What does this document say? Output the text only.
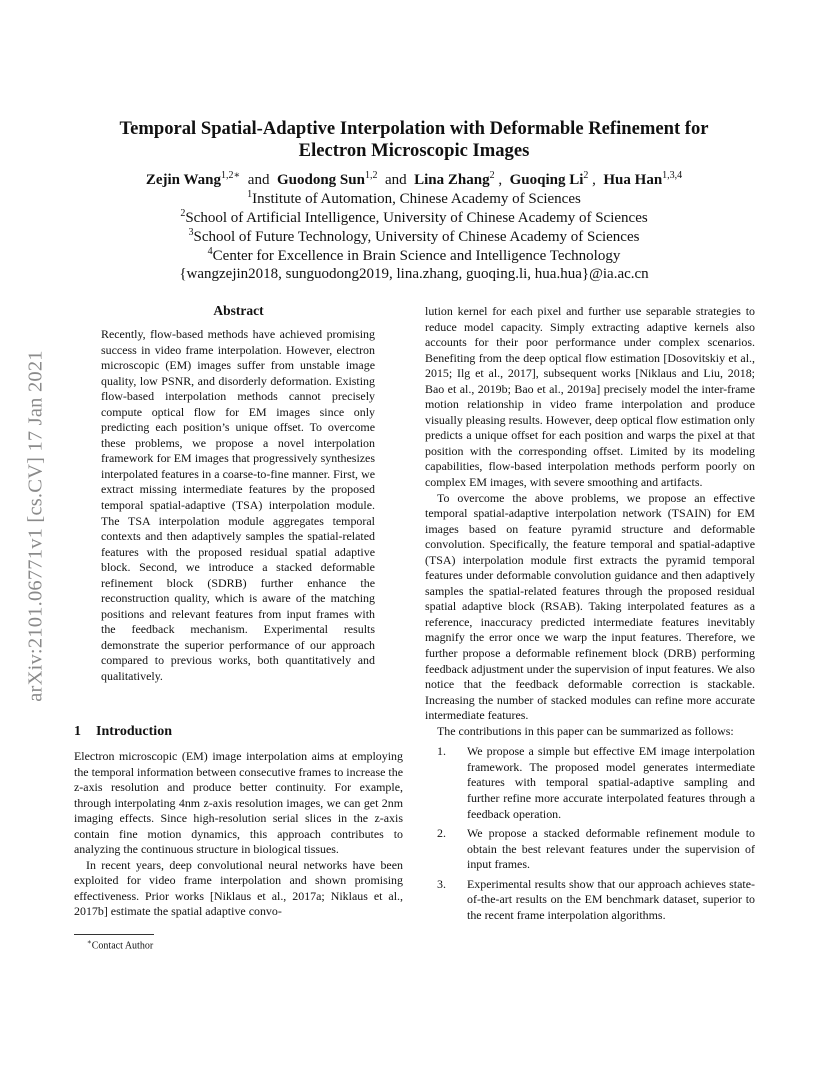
arXiv:2101.06771v1 [cs.CV] 17 Jan 2021
Temporal Spatial-Adaptive Interpolation with Deformable Refinement for
Electron Microscopic Images
Zejin Wang$^{1,2∗}$ and Guodong Sun$^{1,2}$ and Lina Zhang$^2$ ,  Guoqing Li$^2$ ,  Hua Han$^{1,3,4}$
$^1$Institute of Automation, Chinese Academy of Sciences
$^2$School of Artificial Intelligence, University of Chinese Academy of Sciences
$^3$School of Future Technology, University of Chinese Academy of Sciences
$^4$Center for Excellence in Brain Science and Intelligence Technology
{wangzejin2018, sunguodong2019, lina.zhang, guoqing.li, hua.hua}@ia.ac.cn
Abstract

Recently, flow-based methods have achieved promising success in video frame interpolation. However, electron microscopic (EM) images suffer from unstable image quality, low PSNR, and disorderly deformation. Existing flow-based interpolation methods cannot precisely compute optical flow for EM images since only predicting each position’s unique offset. To overcome these problems, we propose a novel interpolation framework for EM images that progressively synthesizes interpolated features in a coarse-to-fine manner. First, we extract missing intermediate features by the proposed temporal spatial-adaptive (TSA) interpolation module. The TSA interpolation module aggregates temporal contexts and then adaptively samples the spatial-related features with the proposed residual spatial adaptive block. Second, we introduce a stacked deformable refinement block (SDRB) further enhance the reconstruction quality, which is aware of the matching positions and relevant features from input frames with the feedback mechanism. Experimental results demonstrate the superior performance of our approach compared to previous works, both quantitatively and qualitatively.

1 Introduction

Electron microscopic (EM) image interpolation aims at employing the temporal information between consecutive frames to increase the z-axis resolution and produce better continuity. For example, through interpolating 4nm z-axis resolution images, we can get 2nm imaging effects. Since high-resolution serial slices in the z-axis contain fine motion dynamics, this approach contributes to analyzing the continuous structure in biological tissues.

In recent years, deep convolutional neural networks have been exploited for video frame interpolation and shown promising effectiveness. Prior works [Niklaus et al., 2017a; Niklaus et al., 2017b] estimate the spatial adaptive convo-

∗Contact Author

lution kernel for each pixel and further use separable strategies to reduce model capacity. Simply extracting adaptive kernels also accounts for their poor performance under complex scenarios. Benefiting from the deep optical flow estimation [Dosovitskiy et al., 2015; Ilg et al., 2017], subsequent works [Niklaus and Liu, 2018; Bao et al., 2019b; Bao et al., 2019a] precisely model the inter-frame motion relationship in video frame interpolation and produce visually pleasing results. However, deep optical flow estimation only predicts a unique offset for each position and warps the pixel at that position with the corresponding offset. Limited by its modeling capabilities, flow-based interpolation methods perform poorly on complex EM images, with severe smoothing and artifacts.

To overcome the above problems, we propose an effective temporal spatial-adaptive interpolation network (TSAIN) for EM images based on feature pyramid structure and deformable convolution. Specifically, the feature temporal and spatial-adaptive (TSA) interpolation module first extracts the pyramid temporal features under deformable convolution guidance and then adaptively samples the spatial-related features through the proposed residual spatial adaptive block (RSAB). Taking interpolated features as a reference, inaccuracy predicted intermediate features inevitably magnify the error once we warp the input features. Therefore, we further propose a deformable refinement block (DRB) performing feedback adjustment under the supervision of input features. We also notice that the feedback deformable correction is stackable. Increasing the number of stacked modules can refine more accurate intermediate features.

The contributions in this paper can be summarized as follows:

1. We propose a simple but effective EM image interpolation framework. The proposed model generates intermediate features with temporal spatial-adaptive sampling and further refine more accurate interpolated features through a feedback operation.
2. We propose a stacked deformable refinement module to obtain the best relevant features under the supervision of input frames.
3. Experimental results show that our approach achieves state-of-the-art results on the EM benchmark dataset, superior to the recent frame interpolation algorithms.
